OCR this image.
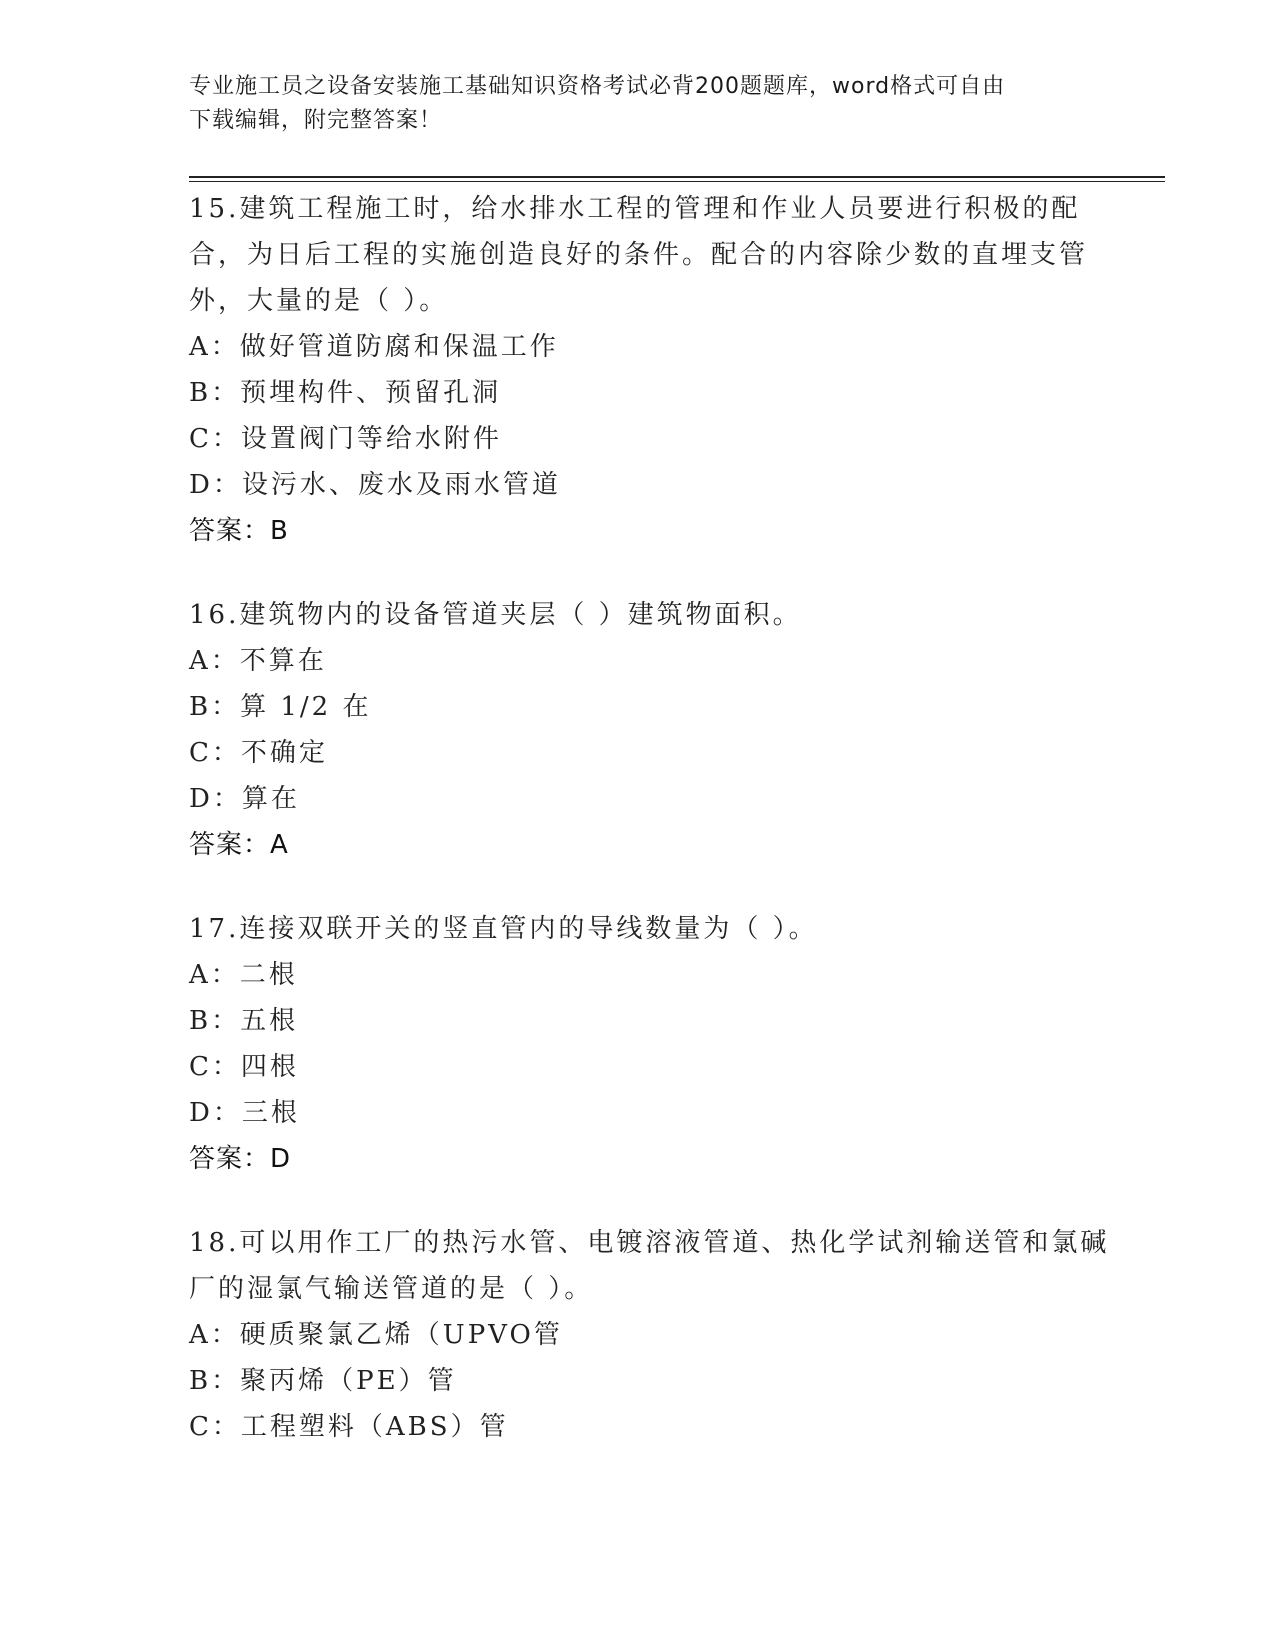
专业施工员之设备安装施工基础知识资格考试必背200题题库，word格式可自由
下载编辑，附完整答案！

15.建筑工程施工时，给水排水工程的管理和作业人员要进行积极的配合，为日后工程的实施创造良好的条件。配合的内容除少数的直埋支管外，大量的是（ ）。

A：做好管道防腐和保温工作

B：预埋构件、预留孔洞

C：设置阀门等给水附件

D：设污水、废水及雨水管道

答案：B

16.建筑物内的设备管道夹层（ ）建筑物面积。

A：不算在

B：算 1/2 在

C：不确定

D：算在

答案：A

17.连接双联开关的竖直管内的导线数量为（ ）。

A：二根

B：五根

C：四根

D：三根

答案：D

18.可以用作工厂的热污水管、电镀溶液管道、热化学试剂输送管和氯碱厂的湿氯气输送管道的是（ ）。

A：硬质聚氯乙烯（UPVO管

B：聚丙烯（PE）管

C：工程塑料（ABS）管
